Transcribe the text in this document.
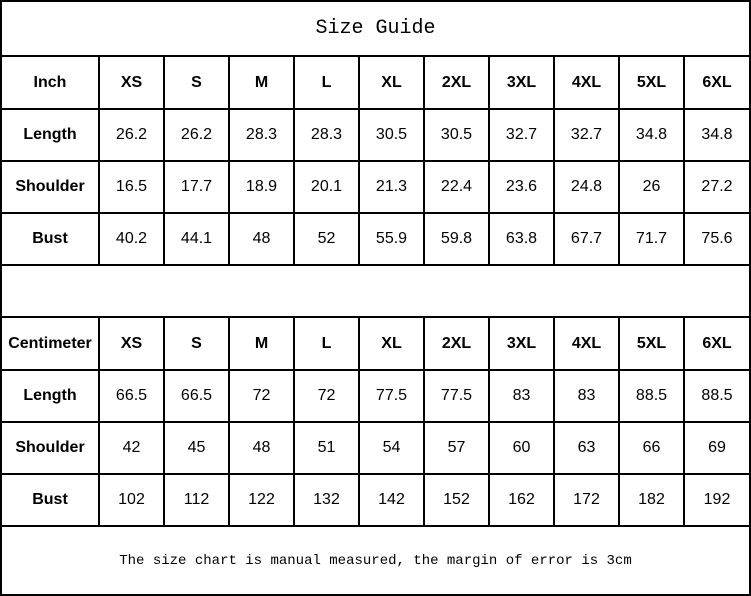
Size Guide
Inch	XS	S	M	L	XL	2XL	3XL	4XL	5XL	6XL
Length	26.2	26.2	28.3	28.3	30.5	30.5	32.7	32.7	34.8	34.8
Shoulder	16.5	17.7	18.9	20.1	21.3	22.4	23.6	24.8	26	27.2
Bust	40.2	44.1	48	52	55.9	59.8	63.8	67.7	71.7	75.6
Centimeter	XS	S	M	L	XL	2XL	3XL	4XL	5XL	6XL
Length	66.5	66.5	72	72	77.5	77.5	83	83	88.5	88.5
Shoulder	42	45	48	51	54	57	60	63	66	69
Bust	102	112	122	132	142	152	162	172	182	192
The size chart is manual measured, the margin of error is 3cm
